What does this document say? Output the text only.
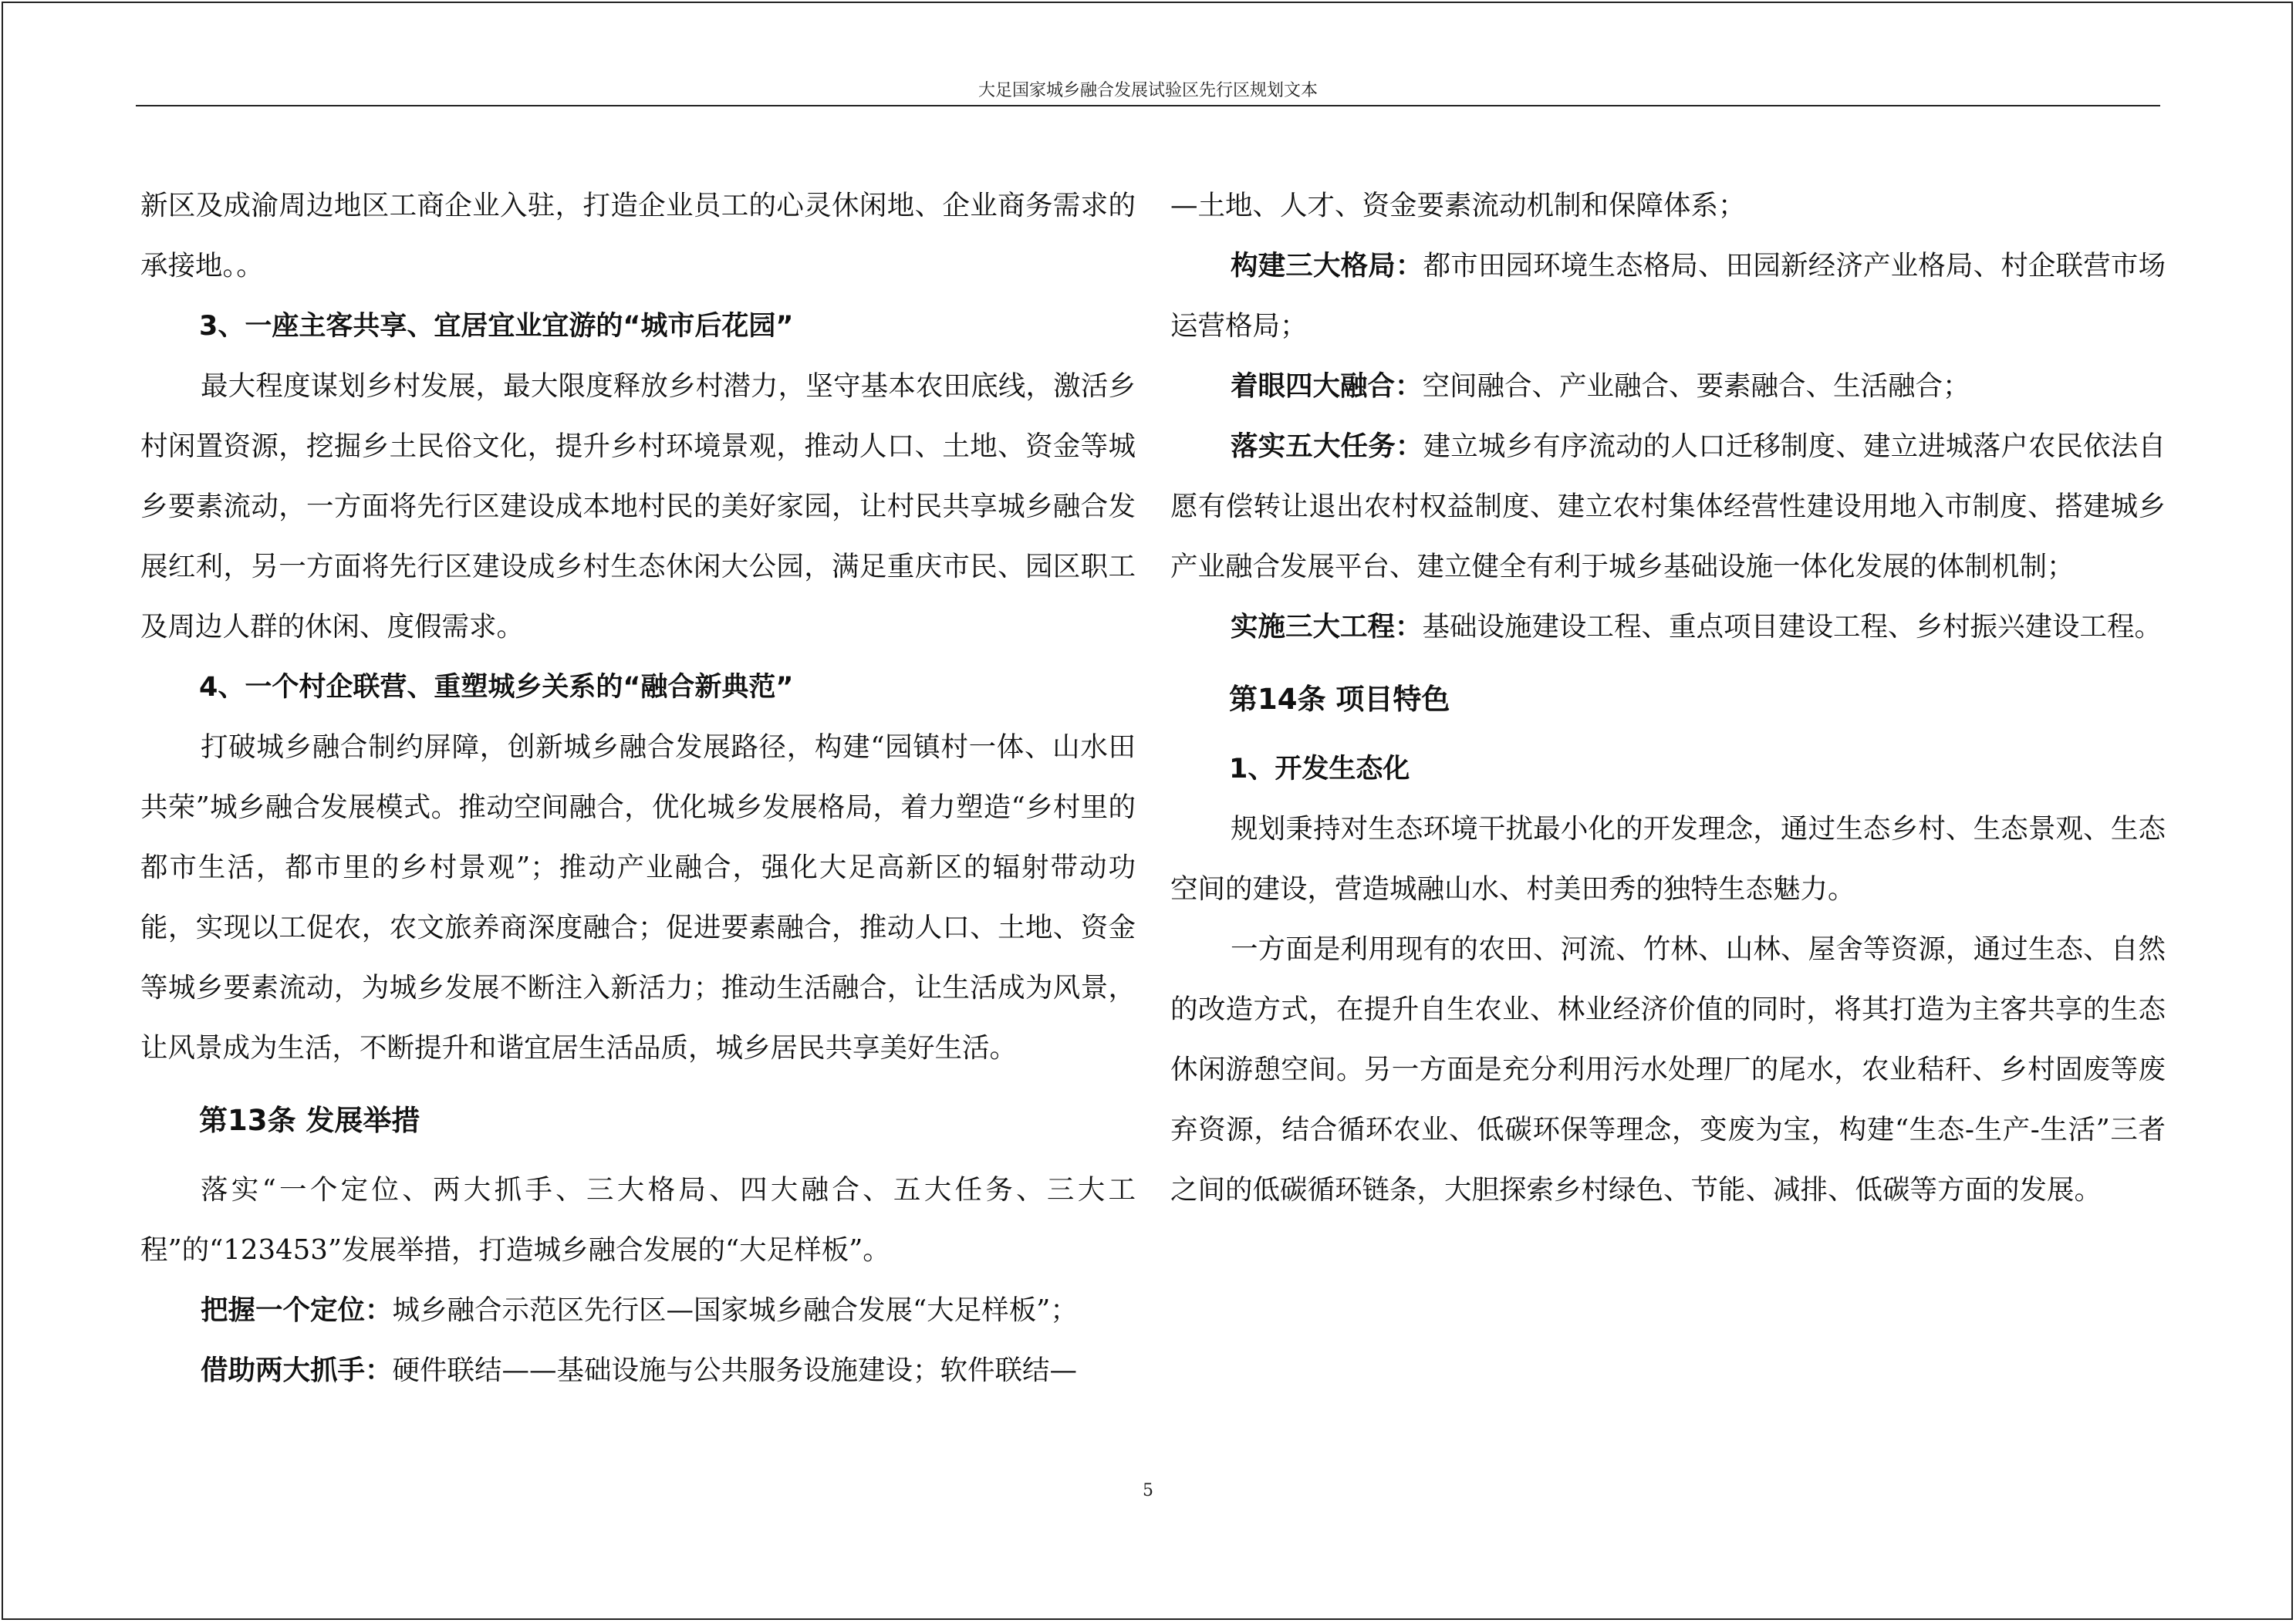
大足国家城乡融合发展试验区先行区规划文本

新区及成渝周边地区工商企业入驻，打造企业员工的心灵休闲地、企业商务需求的承接地。。

3、一座主客共享、宜居宜业宜游的“城市后花园”

最大程度谋划乡村发展，最大限度释放乡村潜力，坚守基本农田底线，激活乡村闲置资源，挖掘乡土民俗文化，提升乡村环境景观，推动人口、土地、资金等城乡要素流动，一方面将先行区建设成本地村民的美好家园，让村民共享城乡融合发展红利，另一方面将先行区建设成乡村生态休闲大公园，满足重庆市民、园区职工及周边人群的休闲、度假需求。

4、一个村企联营、重塑城乡关系的“融合新典范”

打破城乡融合制约屏障，创新城乡融合发展路径，构建“园镇村一体、山水田共荣”城乡融合发展模式。推动空间融合，优化城乡发展格局，着力塑造“乡村里的都市生活，都市里的乡村景观”；推动产业融合，强化大足高新区的辐射带动功能，实现以工促农，农文旅养商深度融合；促进要素融合，推动人口、土地、资金等城乡要素流动，为城乡发展不断注入新活力；推动生活融合，让生活成为风景，让风景成为生活，不断提升和谐宜居生活品质，城乡居民共享美好生活。

第13条 发展举措

落实“一个定位、两大抓手、三大格局、四大融合、五大任务、三大工程”的“123453”发展举措，打造城乡融合发展的“大足样板”。

把握一个定位：城乡融合示范区先行区—国家城乡融合发展“大足样板”；

借助两大抓手：硬件联结——基础设施与公共服务设施建设；软件联结—

—土地、人才、资金要素流动机制和保障体系；

构建三大格局：都市田园环境生态格局、田园新经济产业格局、村企联营市场运营格局；

着眼四大融合：空间融合、产业融合、要素融合、生活融合；

落实五大任务：建立城乡有序流动的人口迁移制度、建立进城落户农民依法自愿有偿转让退出农村权益制度、建立农村集体经营性建设用地入市制度、搭建城乡产业融合发展平台、建立健全有利于城乡基础设施一体化发展的体制机制；

实施三大工程：基础设施建设工程、重点项目建设工程、乡村振兴建设工程。

第14条 项目特色

1、开发生态化

规划秉持对生态环境干扰最小化的开发理念，通过生态乡村、生态景观、生态空间的建设，营造城融山水、村美田秀的独特生态魅力。

一方面是利用现有的农田、河流、竹林、山林、屋舍等资源，通过生态、自然的改造方式，在提升自生农业、林业经济价值的同时，将其打造为主客共享的生态休闲游憩空间。另一方面是充分利用污水处理厂的尾水，农业秸秆、乡村固废等废弃资源，结合循环农业、低碳环保等理念，变废为宝，构建“生态-生产-生活”三者之间的低碳循环链条，大胆探索乡村绿色、节能、减排、低碳等方面的发展。

5
